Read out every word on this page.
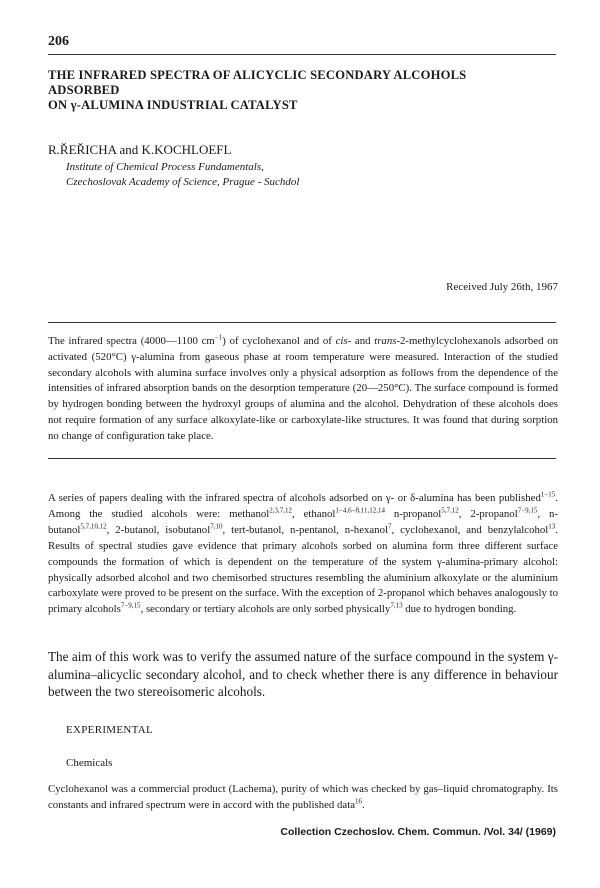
206
THE INFRARED SPECTRA OF ALICYCLIC SECONDARY ALCOHOLS
ADSORBED
ON γ-ALUMINA INDUSTRIAL CATALYST
R.ŘEŘICHA and K.KOCHLOEFL
Institute of Chemical Process Fundamentals,
Czechoslovak Academy of Science, Prague - Suchdol
Received July 26th, 1967

The infrared spectra (4000—1100 $cm^{-1}$) of cyclohexanol and of cis- and trans-2-methylcyclohexanols adsorbed on activated (520°C) γ-alumina from gaseous phase at room temperature were measured. Interaction of the studied secondary alcohols with alumina surface involves only a physical adsorption as follows from the dependence of the intensities of infrared absorption bands on the desorption temperature (20—250°C). The surface compound is formed by hydrogen bonding between the hydroxyl groups of alumina and the alcohol. Dehydration of these alcohols does not require formation of any surface alkoxylate-like or carboxylate-like structures. It was found that during sorption no change of configuration take place.

A series of papers dealing with the infrared spectra of alcohols adsorbed on γ- or δ-alumina has been published$^{1-15}$. Among the studied alcohols were: methanol$^{2,3,7,12}$, ethanol$^{1-4,6-8,11,12,14}$ n-propanol$^{5,7,12}$, 2-propanol$^{7-9,15}$, n-butanol$^{5,7,10,12}$, 2-butanol, isobutanol$^{7,10}$, tert-butanol, n-pentanol, n-hexanol$^7$, cyclohexanol, and benzylalcohol$^{13}$. Results of spectral studies gave evidence that primary alcohols sorbed on alumina form three different surface compounds the formation of which is dependent on the temperature of the system γ-alumina-primary alcohol: physically adsorbed alcohol and two chemisorbed structures resembling the aluminium alkoxylate or the aluminium carboxylate were proved to be present on the surface. With the exception of 2-propanol which behaves analogously to primary alcohols$^{7-9,15}$, secondary or tertiary alcohols are only sorbed physically$^{7,13}$ due to hydrogen bonding.

The aim of this work was to verify the assumed nature of the surface compound in the system γ-alumina–alicyclic secondary alcohol, and to check whether there is any difference in behaviour between the two stereoisomeric alcohols.

EXPERIMENTAL
Chemicals

Cyclohexanol was a commercial product (Lachema), purity of which was checked by gas–liquid chromatography. Its constants and infrared spectrum were in accord with the published data$^{16}$.

Collection Czechoslov. Chem. Commun. /Vol. 34/ (1969)
